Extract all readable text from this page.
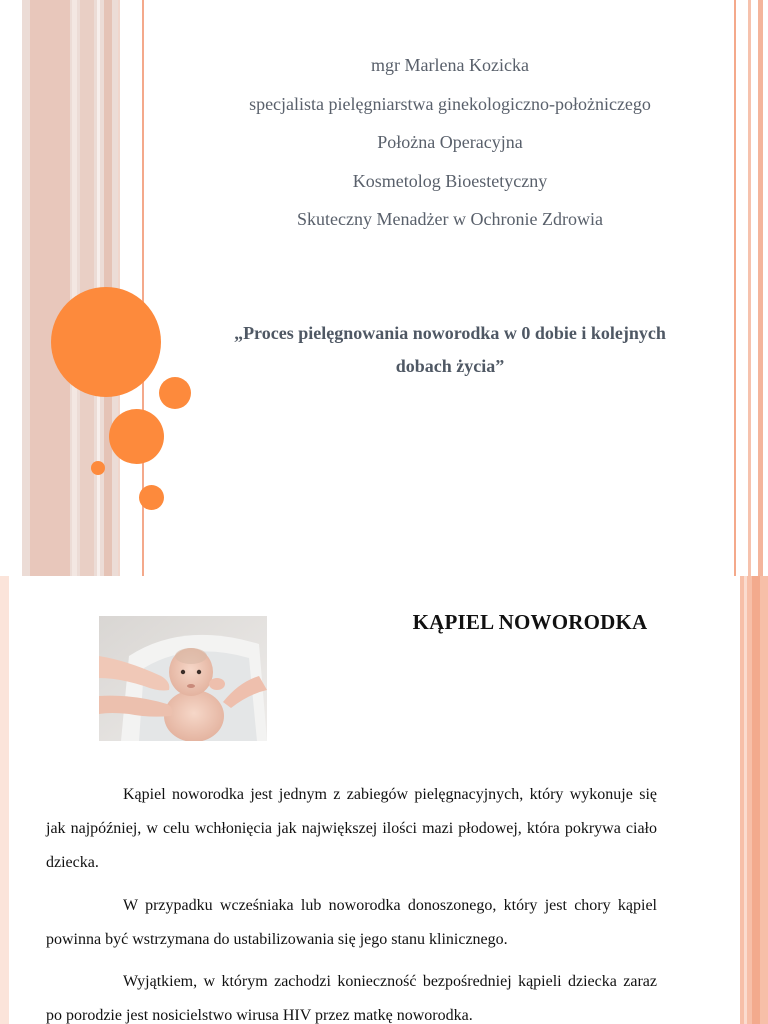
mgr Marlena Kozicka
specjalista pielęgniarstwa ginekologiczno-położniczego
Położna Operacyjna
Kosmetolog Bioestetyczny
Skuteczny Menadżer w Ochronie Zdrowia
„Proces pielęgnowania noworodka w 0 dobie i kolejnych
dobach życia”
KĄPIEL NOWORODKA
Kąpiel noworodka jest jednym z zabiegów pielęgnacyjnych, który wykonuje się jak najpóźniej, w celu wchłonięcia jak największej ilości mazi płodowej, która pokrywa ciało dziecka.
W przypadku wcześniaka lub noworodka donoszonego, który jest chory kąpiel powinna być wstrzymana do ustabilizowania się jego stanu klinicznego.
Wyjątkiem, w którym zachodzi konieczność bezpośredniej kąpieli dziecka zaraz po porodzie jest nosicielstwo wirusa HIV przez matkę noworodka.
